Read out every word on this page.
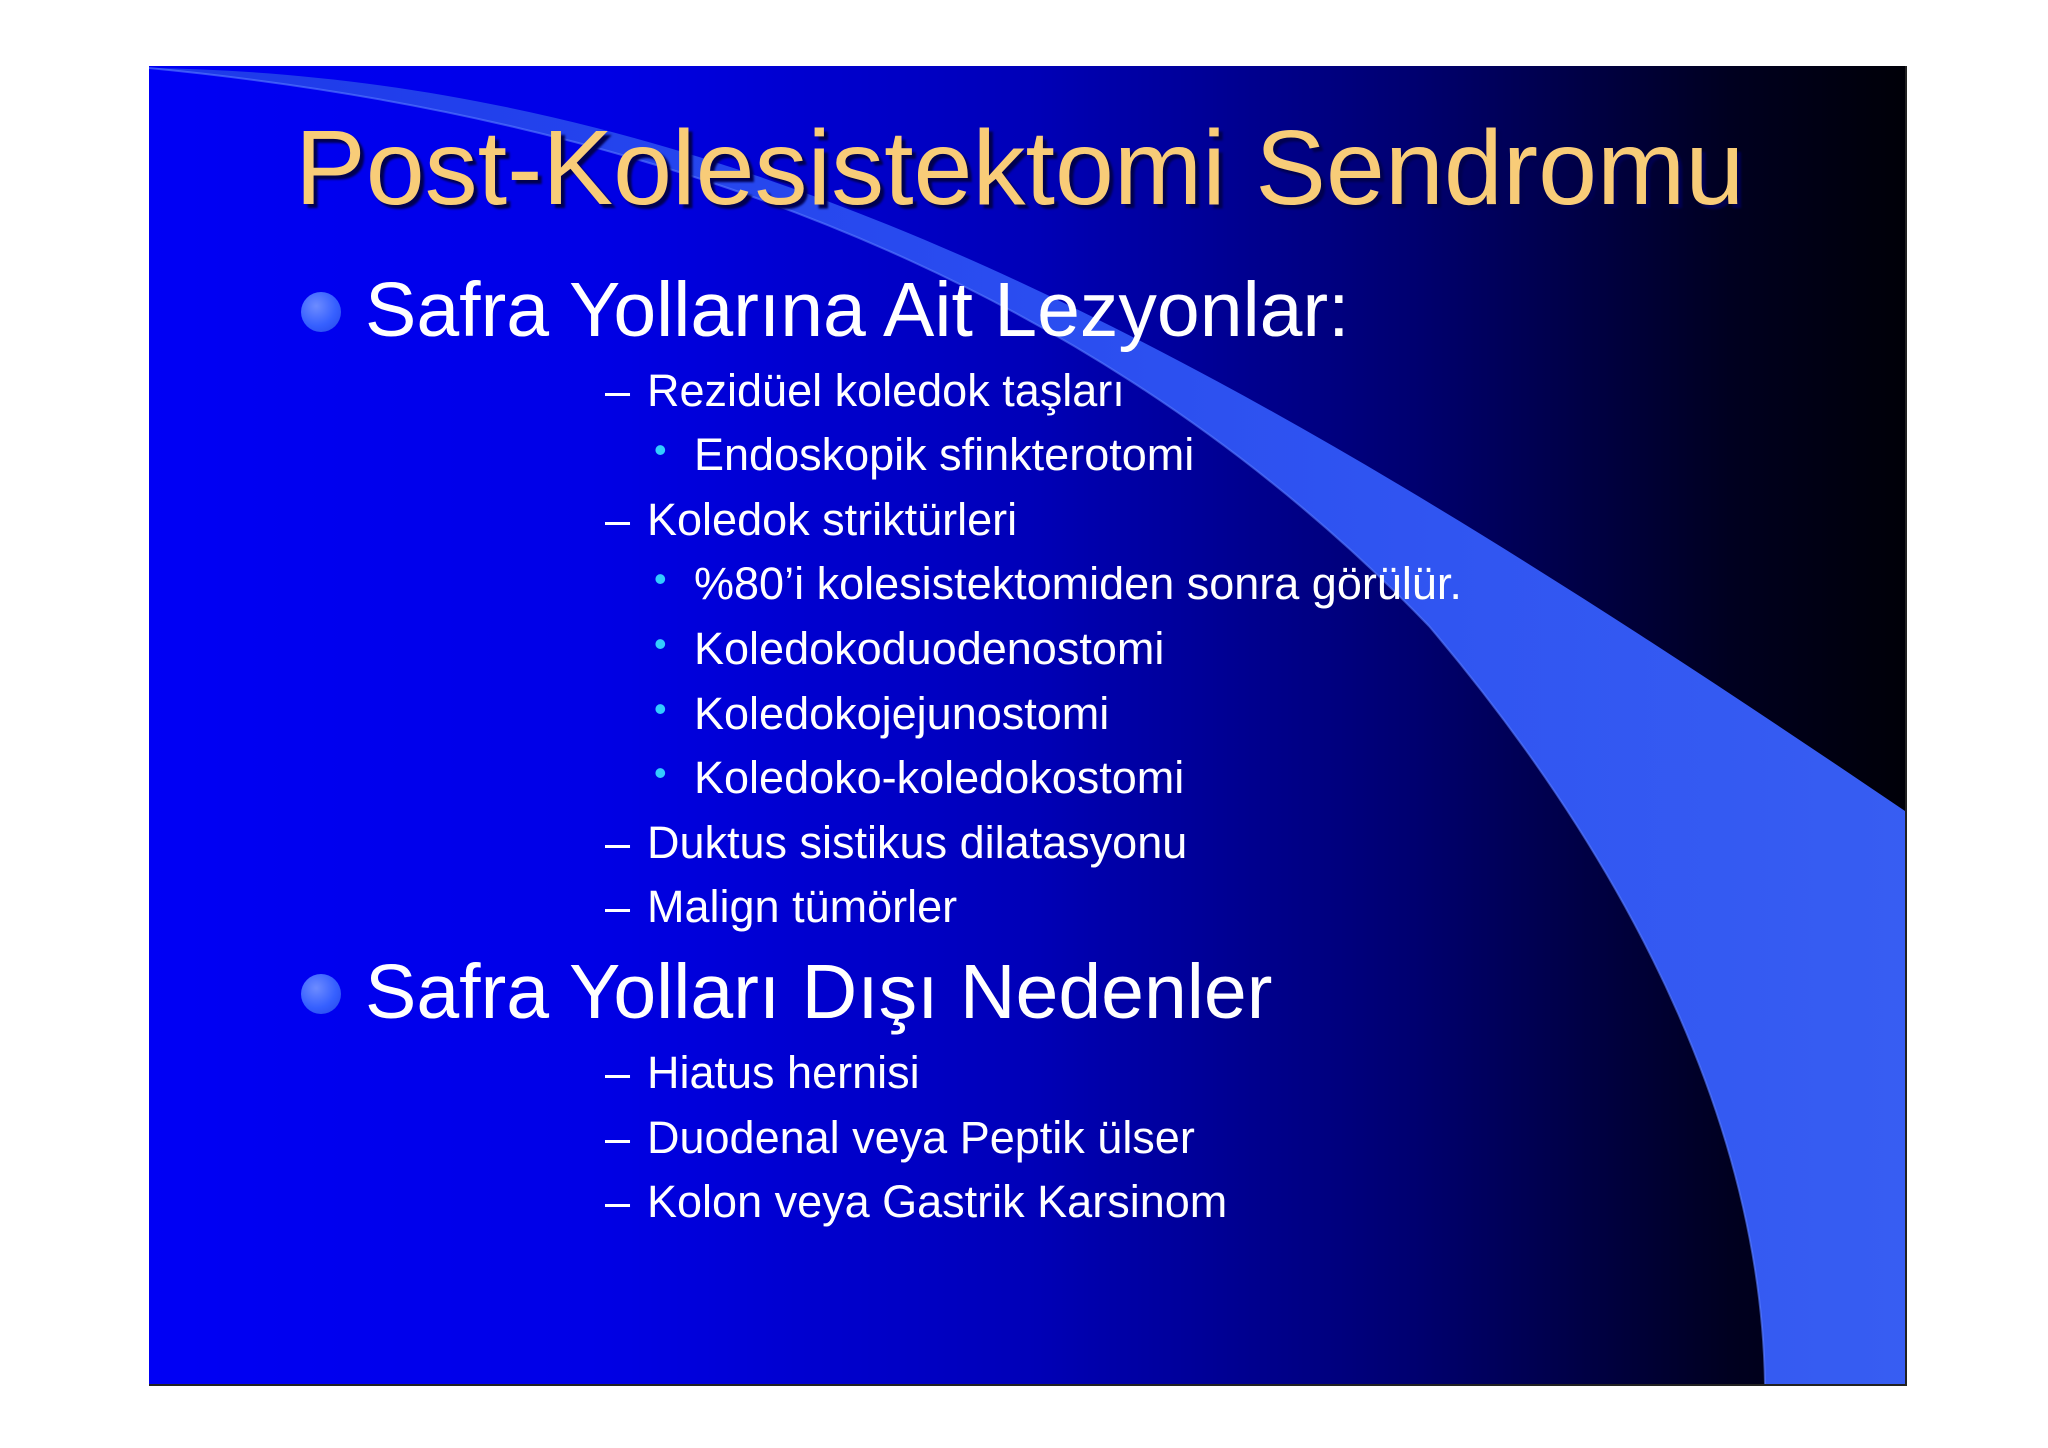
Post-Kolesistektomi Sendromu
Safra Yollarına Ait Lezyonlar:
– Rezidüel koledok taşları
• Endoskopik sfinkterotomi
– Koledok striktürleri
• %80’i kolesistektomiden sonra görülür.
• Koledokoduodenostomi
• Koledokojejunostomi
• Koledoko-koledokostomi
– Duktus sistikus dilatasyonu
– Malign tümörler
Safra Yolları Dışı Nedenler
– Hiatus hernisi
– Duodenal veya Peptik ülser
– Kolon veya Gastrik Karsinom
